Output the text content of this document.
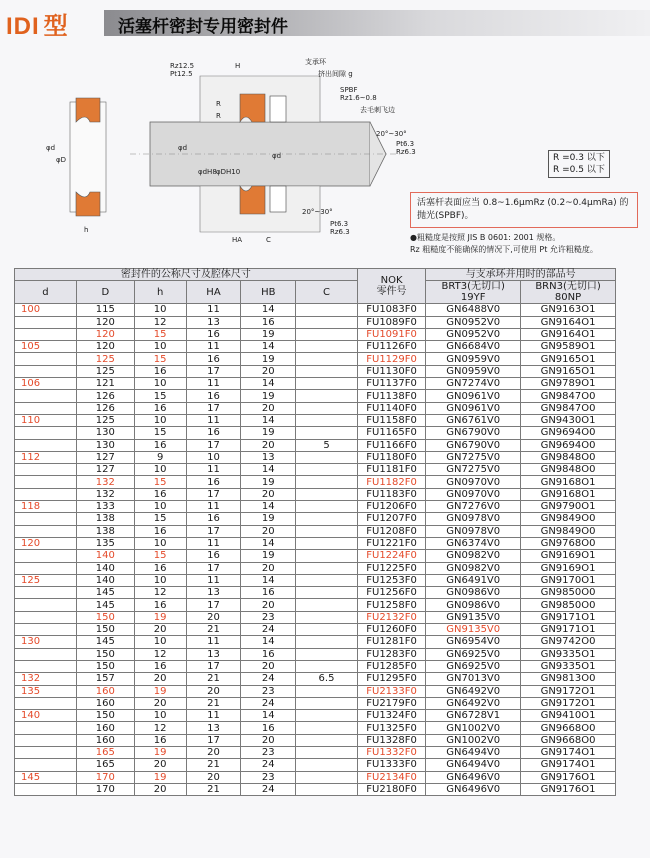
IDI 型	活塞杆密封专用密封件
Rz12.5
Pt12.5
H	支承环
挤出间隙 g
SPBF
Rz1.6~0.8
去毛刺飞边
20°~30°
Pt6.3
Rz6.3
R
R
φd
φD
h
φd
φd
C
HA
20°~30°
Pt6.3
Rz6.3
φdH8 φDH10
R =0.3 以下
R =0.5 以下
活塞杆表面应当 0.8~1.6μmRz (0.2~0.4μmRa) 的抛光(SPBF)。
●粗糙度是按照 JIS B 0601: 2001 规格。
Rz 粗糙度不能确保的情况下,可使用 Pt 允许粗糙度。
密封件的公称尺寸及腔体尺寸						NOK
零件号	与支承环并用时的部品号	
d	D	h	HA	HB	C		BRT3(无切口)
19YF	BRN3(无切口)
80NP
100	115	10	11	14		FU1083F0	GN6488V0	GN9163O1
	120	12	13	16		FU1089F0	GN0952V0	GN9164O1
	120	15	16	19		FU1091F0	GN0952V0	GN9164O1
105	120	10	11	14		FU1126F0	GN6684V0	GN9589O1
	125	15	16	19		FU1129F0	GN0959V0	GN9165O1
	125	16	17	20		FU1130F0	GN0959V0	GN9165O1
106	121	10	11	14		FU1137F0	GN7274V0	GN9789O1
	126	15	16	19		FU1138F0	GN0961V0	GN9847O0
	126	16	17	20		FU1140F0	GN0961V0	GN9847O0
110	125	10	11	14		FU1158F0	GN6761V0	GN9430O1
	130	15	16	19		FU1165F0	GN6790V0	GN9694O0
	130	16	17	20	5	FU1166F0	GN6790V0	GN9694O0
112	127	9	10	13		FU1180F0	GN7275V0	GN9848O0
	127	10	11	14		FU1181F0	GN7275V0	GN9848O0
	132	15	16	19		FU1182F0	GN0970V0	GN9168O1
	132	16	17	20		FU1183F0	GN0970V0	GN9168O1
118	133	10	11	14		FU1206F0	GN7276V0	GN9790O1
	138	15	16	19		FU1207F0	GN0978V0	GN9849O0
	138	16	17	20		FU1208F0	GN0978V0	GN9849O0
120	135	10	11	14		FU1221F0	GN6374V0	GN9768O0
	140	15	16	19		FU1224F0	GN0982V0	GN9169O1
	140	16	17	20		FU1225F0	GN0982V0	GN9169O1
125	140	10	11	14		FU1253F0	GN6491V0	GN9170O1
	145	12	13	16		FU1256F0	GN0986V0	GN9850O0
	145	16	17	20		FU1258F0	GN0986V0	GN9850O0
	150	19	20	23		FU2132F0	GN9135V0	GN9171O1
	150	20	21	24		FU1260F0	GN9135V0	GN9171O1
130	145	10	11	14		FU1281F0	GN6954V0	GN9742O0
	150	12	13	16		FU1283F0	GN6925V0	GN9335O1
	150	16	17	20		FU1285F0	GN6925V0	GN9335O1
132	157	20	21	24	6.5	FU1295F0	GN7013V0	GN9813O0
135	160	19	20	23		FU2133F0	GN6492V0	GN9172O1
	160	20	21	24		FU2179F0	GN6492V0	GN9172O1
140	150	10	11	14		FU1324F0	GN6728V1	GN9410O1
	160	12	13	16		FU1325F0	GN1002V0	GN9668O0
	160	16	17	20		FU1328F0	GN1002V0	GN9668O0
	165	19	20	23		FU1332F0	GN6494V0	GN9174O1
	165	20	21	24		FU1333F0	GN6494V0	GN9174O1
145	170	19	20	23		FU2134F0	GN6496V0	GN9176O1
	170	20	21	24		FU2180F0	GN6496V0	GN9176O1
